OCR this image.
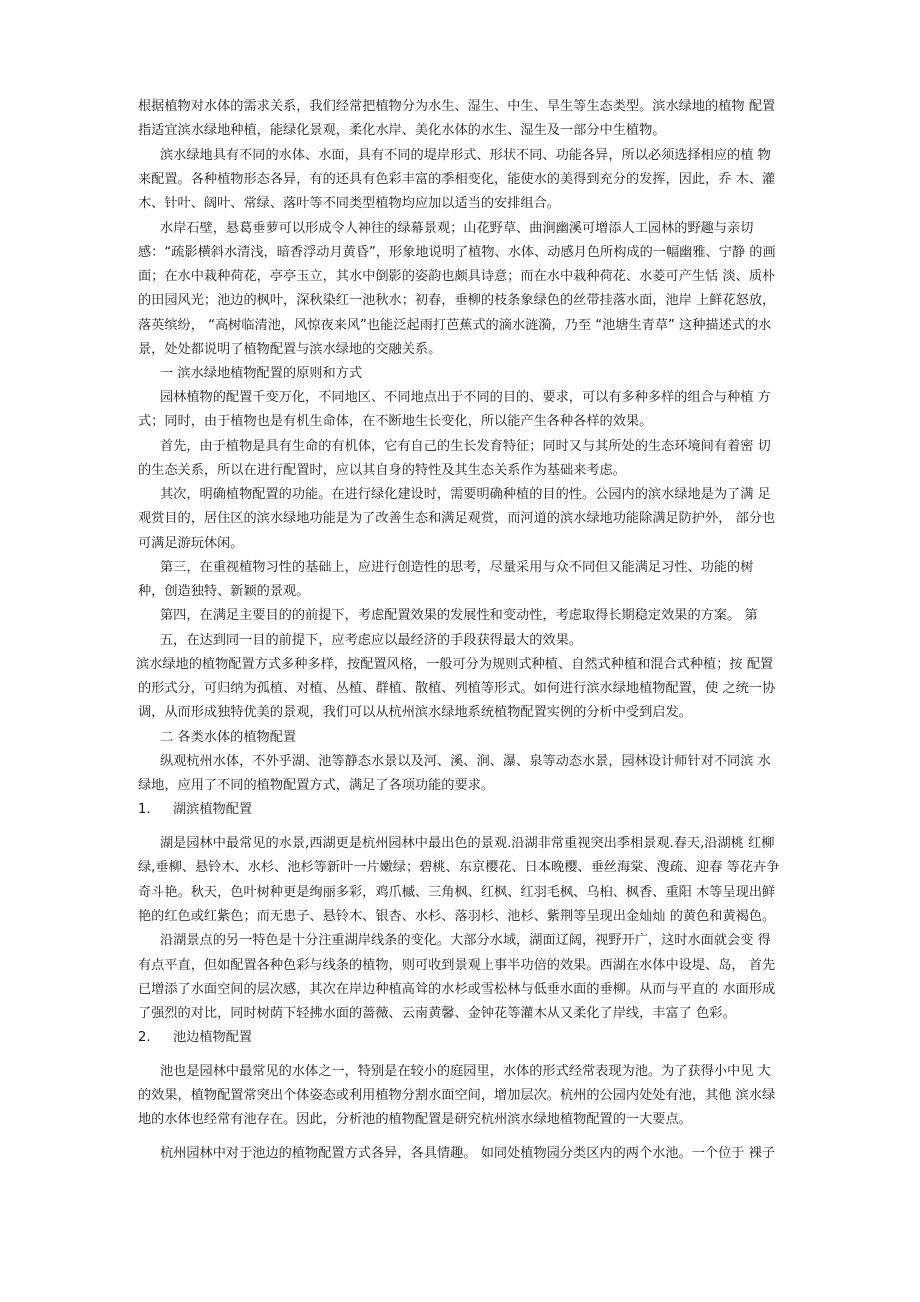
根据植物对水体的需求关系，我们经常把植物分为水生、湿生、中生、旱生等生态类型。滨水绿地的植物 配置
指适宜滨水绿地种植，能绿化景观，柔化水岸、美化水体的水生、湿生及一部分中生植物。
滨水绿地具有不同的水体、水面，具有不同的堤岸形式、形状不同、功能各异，所以必须选择相应的植 物
来配置。各种植物形态各异，有的还具有色彩丰富的季相变化，能使水的美得到充分的发挥，因此，乔 木、灌
木、针叶、阔叶、常绿、落叶等不同类型植物均应加以适当的安排组合。
水岸石壁，悬葛垂萝可以形成令人神往的绿幕景观；山花野草、曲涧幽溪可增添人工园林的野趣与亲切
感：“疏影横斜水清浅，暗香浮动月黄昏”，形象地说明了植物、水体、动感月色所构成的一幅幽雅、宁静 的画
面；在水中栽种荷花，亭亭玉立，其水中倒影的姿韵也颇具诗意；而在水中栽种荷花、水菱可产生恬 淡、质朴
的田园风光；池边的枫叶，深秋染红一池秋水；初春，垂柳的枝条象绿色的丝带挂落水面，池岸 上鲜花怒放，
落英缤纷， “高树临清池，风惊夜来风”也能泛起雨打芭蕉式的滴水涟漪，乃至 “池塘生青草” 这种描述式的水
景，处处都说明了植物配置与滨水绿地的交融关系。
一 滨水绿地植物配置的原则和方式
园林植物的配置千变万化，不同地区、不同地点出于不同的目的、要求，可以有多种多样的组合与种植 方
式；同时，由于植物也是有机生命体，在不断地生长变化，所以能产生各种各样的效果。
首先，由于植物是具有生命的有机体，它有自己的生长发育特征；同时又与其所处的生态环境间有着密 切
的生态关系，所以在进行配置时，应以其自身的特性及其生态关系作为基础来考虑。
其次，明确植物配置的功能。在进行绿化建设时，需要明确种植的目的性。公园内的滨水绿地是为了满 足
观赏目的，居住区的滨水绿地功能是为了改善生态和满足观赏，而河道的滨水绿地功能除满足防护外， 部分也
可满足游玩休闲。
第三，在重视植物习性的基础上，应进行创造性的思考，尽量采用与众不同但又能满足习性、功能的树
种，创造独特、新颖的景观。
第四，在满足主要目的的前提下，考虑配置效果的发展性和变动性，考虑取得长期稳定效果的方案。 第
五，在达到同一目的前提下，应考虑应以最经济的手段获得最大的效果。
滨水绿地的植物配置方式多种多样，按配置风格，一般可分为规则式种植、自然式种植和混合式种植；按 配置
的形式分，可归纳为孤植、对植、丛植、群植、散植、列植等形式。如何进行滨水绿地植物配置，使 之统一协
调，从而形成独特优美的景观，我们可以从杭州滨水绿地系统植物配置实例的分析中受到启发。
二 各类水体的植物配置
纵观杭州水体，不外乎湖、池等静态水景以及河、溪、涧、瀑、泉等动态水景，园林设计师针对不同滨 水
绿地，应用了不同的植物配置方式，满足了各项功能的要求。
1. 湖滨植物配置
湖是园林中最常见的水景,西湖更是杭州园林中最出色的景观.沿湖非常重视突出季相景观.春天,沿湖桃 红柳
绿,垂柳、悬铃木、水杉、池杉等新叶一片嫩绿；碧桃、东京樱花、日本晚樱、垂丝海棠、溲疏、迎春 等花卉争
奇斗艳。秋天，色叶树种更是绚丽多彩，鸡爪槭、三角枫、红枫、红羽毛枫、乌桕、枫香、重阳 木等呈现出鲜
艳的红色或红紫色；而无患子、悬铃木、银杏、水杉、落羽杉、池杉、紫荆等呈现出金灿灿 的黄色和黄褐色。
沿湖景点的另一特色是十分注重湖岸线条的变化。大部分水域，湖面辽阔，视野开广，这时水面就会变 得
有点平直，但如配置各种色彩与线条的植物，则可收到景观上事半功倍的效果。西湖在水体中设堤、岛， 首先
已增添了水面空间的层次感，其次在岸边种植高耸的水杉或雪松林与低垂水面的垂柳。从而与平直的 水面形成
了强烈的对比，同时树荫下轻拂水面的蔷薇、云南黄馨、金钟花等灌木从又柔化了岸线，丰富了 色彩。
2. 池边植物配置
池也是园林中最常见的水体之一，特别是在较小的庭园里，水体的形式经常表现为池。为了获得小中见 大
的效果，植物配置常突出个体姿态或利用植物分割水面空间，增加层次。杭州的公园内处处有池，其他 滨水绿
地的水体也经常有池存在。因此，分析池的植物配置是研究杭州滨水绿地植物配置的一大要点。
杭州园林中对于池边的植物配置方式各异，各具情趣。 如同处植物园分类区内的两个水池。一个位于 裸子
